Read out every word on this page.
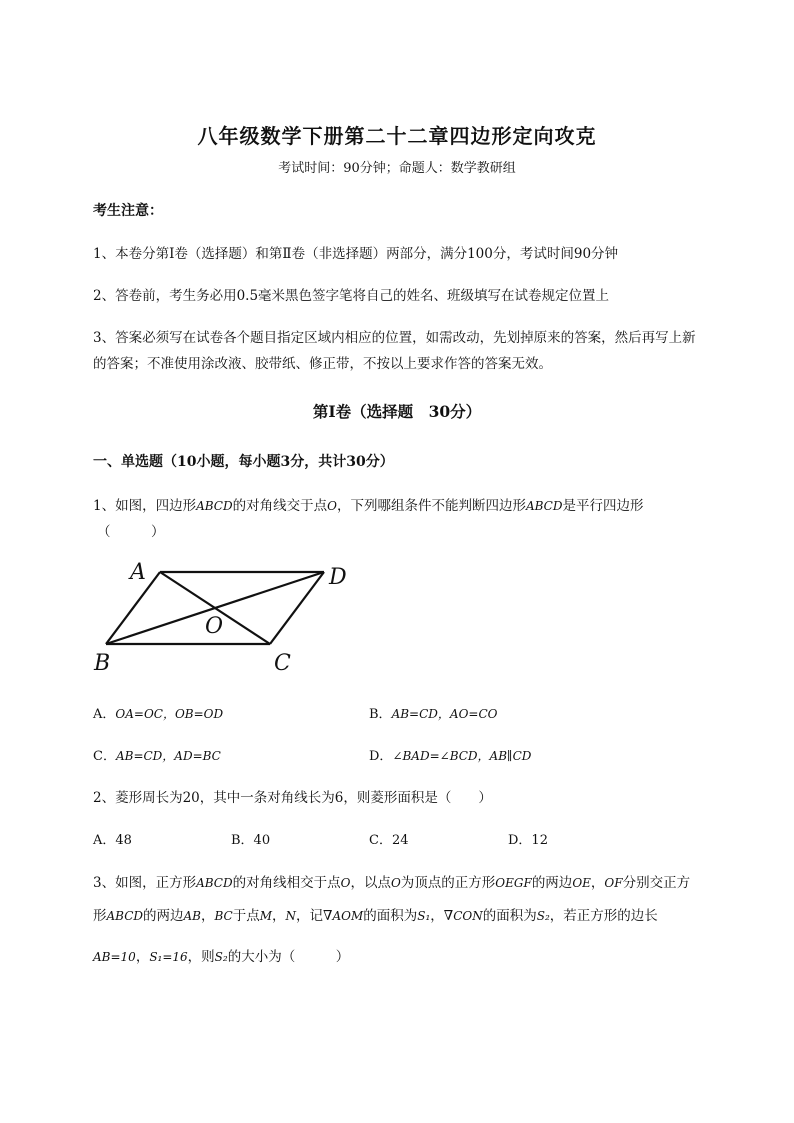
八年级数学下册第二十二章四边形定向攻克
考试时间：90分钟；命题人：数学教研组
考生注意：
1、本卷分第I卷（选择题）和第Ⅱ卷（非选择题）两部分，满分100分，考试时间90分钟
2、答卷前，考生务必用0.5毫米黑色签字笔将自己的姓名、班级填写在试卷规定位置上
3、答案必须写在试卷各个题目指定区域内相应的位置，如需改动，先划掉原来的答案，然后再写上新
的答案；不准使用涂改液、胶带纸、修正带，不按以上要求作答的答案无效。
第I卷（选择题　30分）
一、单选题（10小题，每小题3分，共计30分）
1、如图，四边形ABCD的对角线交于点O，下列哪组条件不能判断四边形ABCD是平行四边形
（　　　）
A	D
O
B	C
A．OA=OC，OB=OD	B．AB=CD，AO=CO
C．AB=CD，AD=BC	D．∠BAD=∠BCD，AB∥CD
2、菱形周长为20，其中一条对角线长为6，则菱形面积是（　　）
A．48	B．40	C．24	D．12
3、如图，正方形ABCD的对角线相交于点O，以点O为顶点的正方形OEGF的两边OE，OF分别交正方
形ABCD的两边AB，BC于点M，N，记∇AOM的面积为S₁，∇CON的面积为S₂，若正方形的边长
AB=10，S₁=16，则S₂的大小为（　　　）
